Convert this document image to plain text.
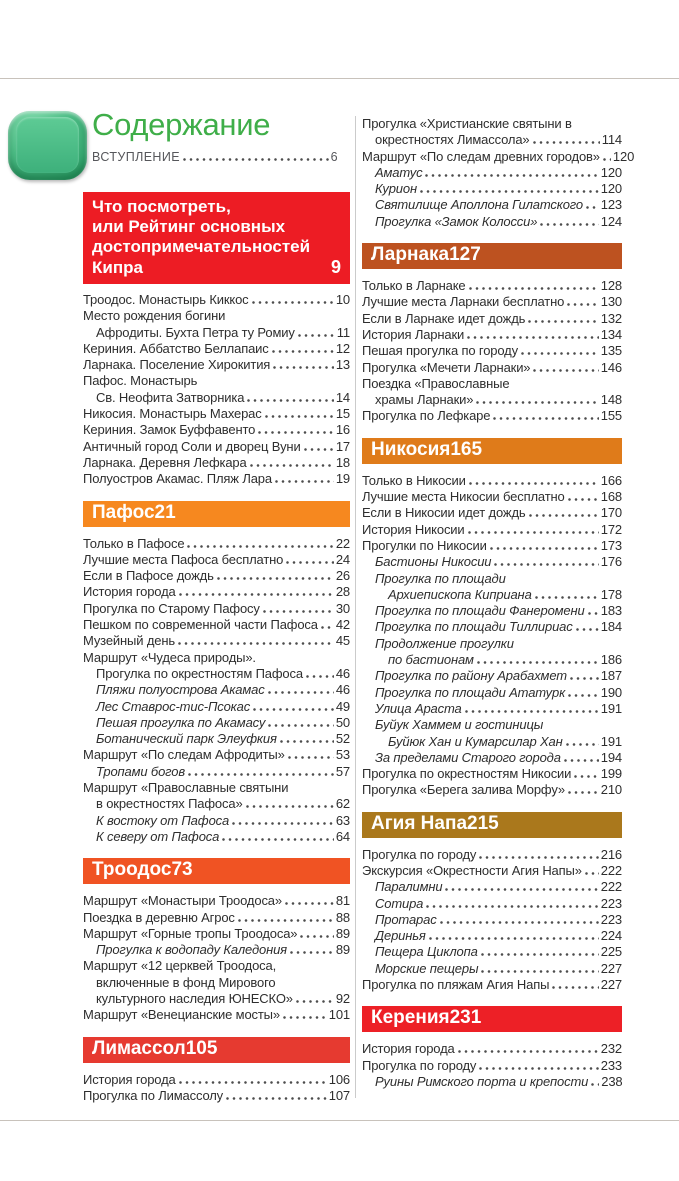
Содержание
ВСТУПЛЕНИЕ	6
Что посмотреть,
или Рейтинг основных
достопримечательностей
Кипра	9
Троодос. Монастырь Киккос	10
Место рождения богини
Афродиты. Бухта Петра ту Ромиу	11
Кериния. Аббатство Беллапаис	12
Ларнака. Поселение Хирокития	13
Пафос. Монастырь
Св. Неофита Затворника	14
Никосия. Монастырь Махерас	15
Кериния. Замок Буффавенто	16
Античный город Соли и дворец Вуни	17
Ларнака. Деревня Лефкара	18
Полуостров Акамас. Пляж Лара	19
Пафос21
Только в Пафосе	22
Лучшие места Пафоса бесплатно	24
Если в Пафосе дождь	26
История города	28
Прогулка по Старому Пафосу	30
Пешком по современной части Пафоса 42
Музейный день	45
Маршрут «Чудеса природы».
Прогулка по окрестностям Пафоса	46
Пляжи полуострова Акамас	46
Лес Ставрос-тис-Псокас	49
Пешая прогулка по Акамасу	50
Ботанический парк Элеуфкия	52
Маршрут «По следам Афродиты»	53
Тропами богов	57
Маршрут «Православные святыни
в окрестностях Пафоса»	62
К востоку от Пафоса	63
К северу от Пафоса	64
Троодос73
Маршрут «Монастыри Троодоса»	81
Поездка в деревню Агрос	88
Маршрут «Горные тропы Троодоса»	89
Прогулка к водопаду Каледония	89
Маршрут «12 церквей Троодоса,
включенные в фонд Мирового
культурного наследия ЮНЕСКО»	92
Маршрут «Венецианские мосты»	101
Лимассол105
История города	106
Прогулка по Лимассолу	107
Прогулка «Христианские святыни в
окрестностях Лимассола»	114
Маршрут «По следам древних городов» 120
Аматус	120
Курион	120
Святилище Аполлона Гилатского 123
Прогулка «Замок Колосси»	124
Ларнака127
Только в Ларнаке	128
Лучшие места Ларнаки бесплатно	130
Если в Ларнаке идет дождь	132
История Ларнаки	134
Пешая прогулка по городу	135
Прогулка «Мечети Ларнаки»	146
Поездка «Православные
храмы Ларнаки»	148
Прогулка по Лефкаре	155
Никосия165
Только в Никосии	166
Лучшие места Никосии бесплатно	168
Если в Никосии идет дождь	170
История Никосии	172
Прогулки по Никосии	173
Бастионы Никосии	176
Прогулка по площади
Архиепископа Киприана	178
Прогулка по площади Фанеромени 183
Прогулка по площади Тиллириас 184
Продолжение прогулки
по бастионам	186
Прогулка по району Арабахмет	187
Прогулка по площади Ататурк	190
Улица Араста	191
Буйук Хаммем и гостиницы
Буйюк Хан и Кумарсилар Хан	191
За пределами Старого города	194
Прогулка по окрестностям Никосии 199
Прогулка «Берега залива Морфу»	210
Агия Напа215
Прогулка по городу	216
Экскурсия «Окрестности Агия Напы» 222
Паралимни	222
Сотира	223
Протарас	223
Деринья	224
Пещера Циклопа	225
Морские пещеры	227
Прогулка по пляжам Агия Напы	227
Керения231
История города	232
Прогулка по городу	233
Руины Римского порта и крепости 238
